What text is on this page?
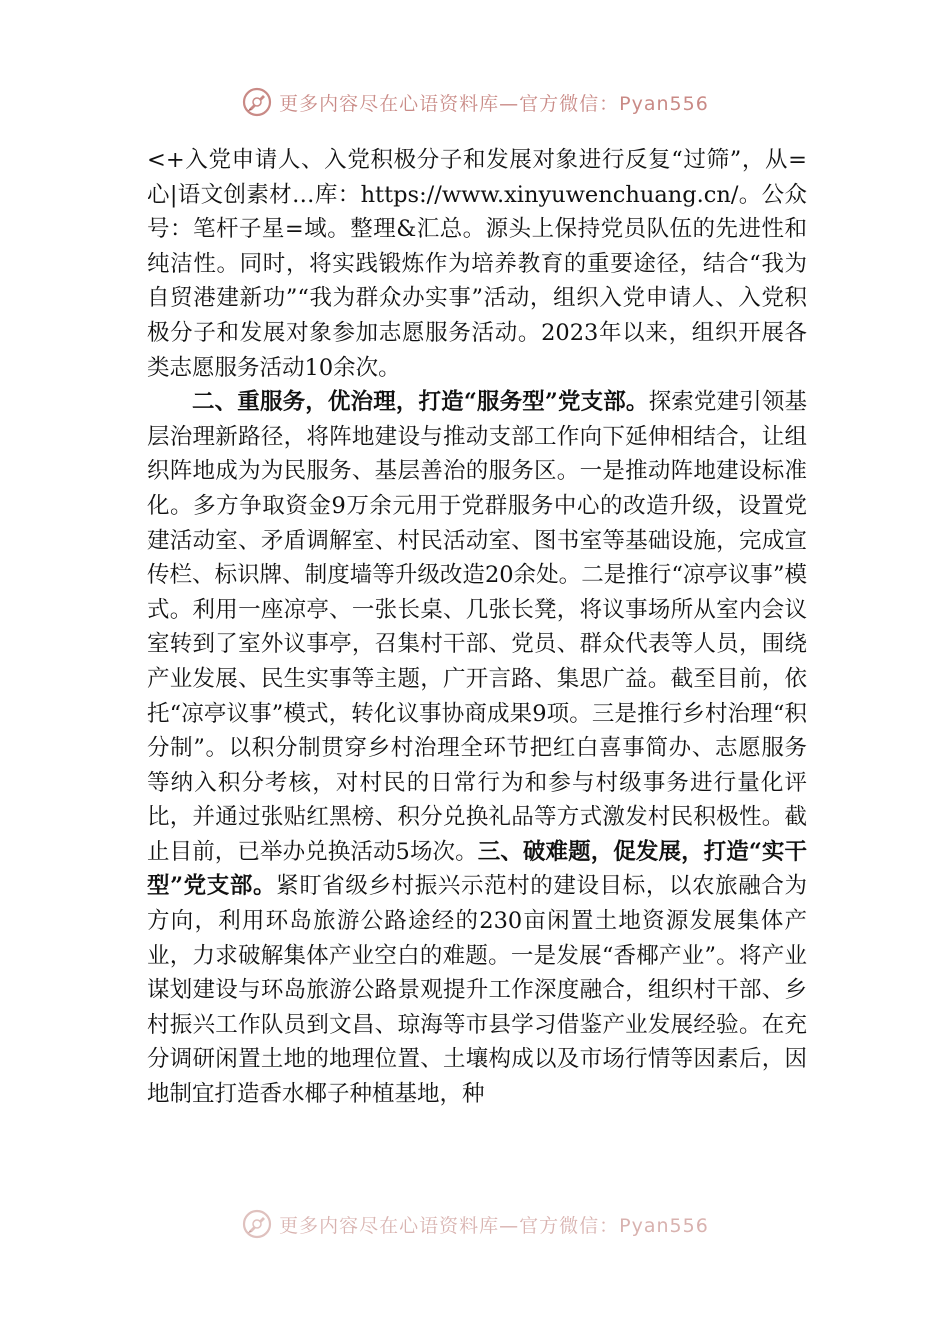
更多内容尽在心语资料库—官方微信：Pyan556

<+入党申请人、入党积极分子和发展对象进行反复“过筛”，从=心|语文创素材…库：https://www.xinyuwenchuang.cn/。公众号：笔杆子星=域。整理&汇总。源头上保持党员队伍的先进性和纯洁性。同时，将实践锻炼作为培养教育的重要途径，结合“我为自贸港建新功”“我为群众办实事”活动，组织入党申请人、入党积极分子和发展对象参加志愿服务活动。2023年以来，组织开展各类志愿服务活动10余次。

二、重服务，优治理，打造“服务型”党支部。探索党建引领基层治理新路径，将阵地建设与推动支部工作向下延伸相结合，让组织阵地成为为民服务、基层善治的服务区。一是推动阵地建设标准化。多方争取资金9万余元用于党群服务中心的改造升级，设置党建活动室、矛盾调解室、村民活动室、图书室等基础设施，完成宣传栏、标识牌、制度墙等升级改造20余处。二是推行“凉亭议事”模式。利用一座凉亭、一张长桌、几张长凳，将议事场所从室内会议室转到了室外议事亭，召集村干部、党员、群众代表等人员，围绕产业发展、民生实事等主题，广开言路、集思广益。截至目前，依托“凉亭议事”模式，转化议事协商成果9项。三是推行乡村治理“积分制”。以积分制贯穿乡村治理全环节把红白喜事简办、志愿服务等纳入积分考核，对村民的日常行为和参与村级事务进行量化评比，并通过张贴红黑榜、积分兑换礼品等方式激发村民积极性。截止目前，已举办兑换活动5场次。三、破难题，促发展，打造“实干型”党支部。紧盯省级乡村振兴示范村的建设目标，以农旅融合为方向，利用环岛旅游公路途经的230亩闲置土地资源发展集体产业，力求破解集体产业空白的难题。一是发展“香椰产业”。将产业谋划建设与环岛旅游公路景观提升工作深度融合，组织村干部、乡村振兴工作队员到文昌、琼海等市县学习借鉴产业发展经验。在充分调研闲置土地的地理位置、土壤构成以及市场行情等因素后，因地制宜打造香水椰子种植基地，种

更多内容尽在心语资料库—官方微信：Pyan556
